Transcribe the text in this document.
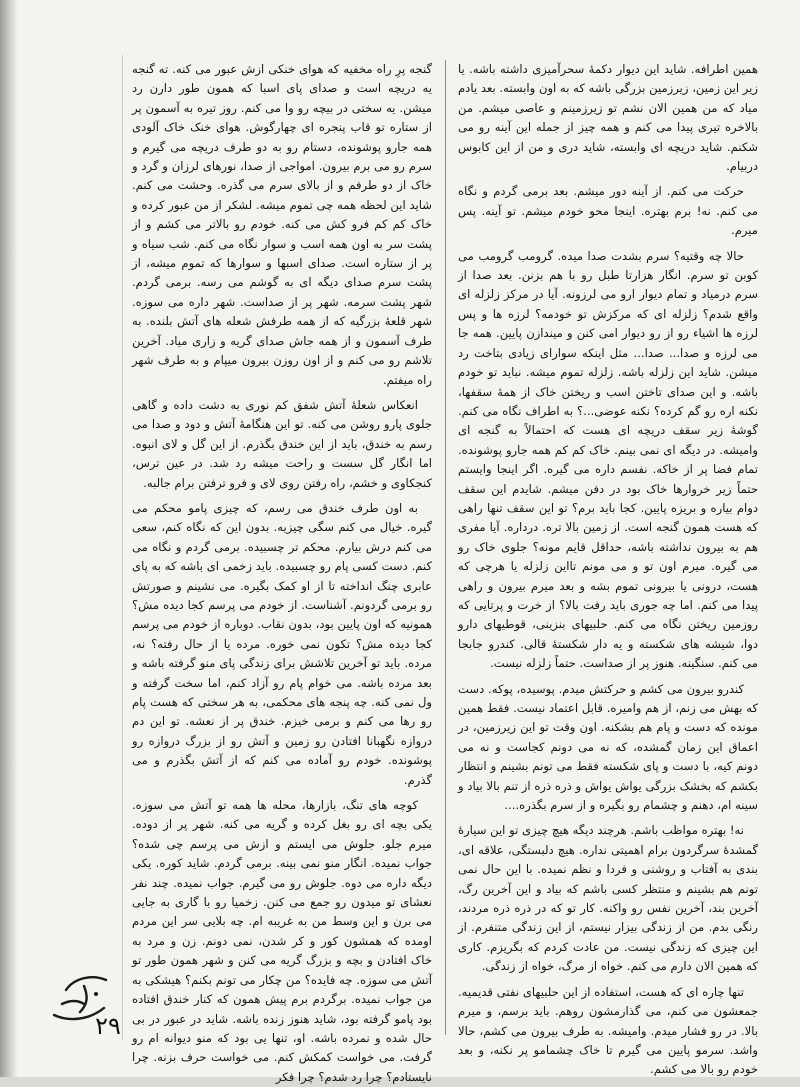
همین اطرافه. شاید این دیوار دکمهٔ سحرآمیزی داشته باشه. یا زیر این زمین، زیرزمین بزرگی باشه که به اون وابسته. بعد یادم میاد که من همین الان نشم تو زیرزمینم و عاصی میشم. من بالاخره تیری پیدا می کنم و همه چیز از جمله این آینه رو می شکنم. شاید دریچه ای وابسته، شاید دری و من از این کابوس دربیام.

حرکت می کنم. از آینه دور میشم. بعد برمی گردم و نگاه می کنم. نه! برم بهتره. اینجا محو خودم میشم. تو آینه. پس میرم.

حالا چه وقتیه؟ سرم بشدت صدا میده. گرومب گرومب می کوبن تو سرم. انگار هزارتا طبل رو با هم بزنن. بعد صدا از سرم درمیاد و تمام دیوار ارو می لرزونه. آیا در مرکز زلزله ای واقع شدم؟ زلزله ای که مرکزش تو خودمه؟ لرزه ها و پس لرزه ها اشیاء رو از رو دیوار امی کنن و میندازن پایین. همه جا می لرزه و صدا... صدا... مثل اینکه سوارای زیادی بتاخت رد میشن. شاید این زلزله باشه. زلزله تموم میشه. نباید تو خودم باشه. و این صدای تاختن اسب و ریختن خاک از همهٔ سقفها، نکنه اره رو گم کرده؟ نکنه عوضی...؟ به اطراف نگاه می کنم. گوشهٔ زیر سقف دریچه ای هست که احتمالاً به گنجه ای وامیشه. در دیگه ای نمی بینم. خاک کم کم همه جارو پوشونده. تمام فضا پر از خاکه. نفسم داره می گیره. اگر اینجا وایستم حتماً زیر خروارها خاک بود در دفن میشم. شایدم این سقف دوام بیاره و بریزه پایین. کجا باید برم؟ تو این سقف تنها راهی که هست همون گنجه است. از زمین بالا تره. درداره. آیا مفری هم به بیرون نداشته باشه، حداقل قایم مونه؟ جلوی خاک رو می گیره. میرم اون تو و می مونم تااین زلزله یا هرچی که هست، درونی یا بیرونی تموم بشه و بعد میرم بیرون و راهی پیدا می کنم. اما چه جوری باید رفت بالا؟ از خرت و پرتایی که روزمین ریختن نگاه می کنم. حلبیهای بنزینی، قوطیهای دارو دوا، شیشه های شکسته و یه دار شکستهٔ قالی. کندرو جابجا می کنم. سنگینه. هنوز پر از صداست. حتماً زلزله نیست.

کندرو بیرون می کشم و حرکتش میدم. پوسیده، پوکه. دست که بهش می زنم، از هم وامیره. قابل اعتماد نیست. فقط همین مونده که دست و پام هم بشکنه. اون وقت تو این زیرزمین، در اعماق این زمان گمشده، که نه می دونم کجاست و نه می دونم کیه، با دست و پای شکسته فقط می تونم بشینم و انتظار بکشم که بخشک بزرگی یواش یواش و ذره ذره از تنم بالا بیاد و سینه ام، دهنم و چشمام رو بگیره و از سرم بگذره....

نه! بهتره مواظب باشم. هرچند دیگه هیچ چیزی تو این سیارهٔ گمشدهٔ سرگردون برام اهمیتی نداره. هیچ دلبستگی، علاقه ای، بندی به آفتاب و روشنی و فردا و نظم نمیده. با این حال نمی تونم هم بشینم و منتظر کسی باشم که بیاد و این آخرین رگ، آخرین بند، آخرین نفس رو واکنه. کار تو که در ذره ذره مردند، رنگی بدم. من از زندگی بیزار نیستم، از این زندگی متنفرم. از این چیزی که زندگی نیست. من عادت کردم که بگریزم. کاری که همین الان دارم می کنم. خواه از مرگ، خواه از زندگی.

تنها چاره ای که هست، استفاده از این حلبیهای نفتی قدیمیه. جمعشون می کنم، می گذارمشون روهم. باید برسم، و میرم بالا. در رو فشار میدم. وامیشه. به طرف بیرون می کشم، حالا واشد. سرمو پایین می گیرم تا خاک چشمامو پر نکنه، و بعد خودم رو بالا می کشم.

گنجه پرِ راه مخفیه که هوای خنکی ازش عبور می کنه. ته گنجه یه دریچه است و صدای پای اسبا که همون طور دارن رد میشن. یه سختی در بیچه رو وا می کنم. روز تیره به آسمون پر از ستاره تو قاب پنجره ای چهارگوش. هوای خنک خاک آلودی همه جارو پوشونده، دستام رو به دو طرف دریچه می گیرم و سرم رو می برم بیرون. امواجی از صدا، نورهای لرزان و گرد و خاک از دو طرفم و از بالای سرم می گذره. وحشت می کنم. شاید این لحظه همه چی تموم میشه. لشکر از من عبور کرده و خاک کم کم فرو کش می کنه. خودم رو بالاتر می کشم و از پشت سر به اون همه اسب و سوار نگاه می کنم. شب سیاه و پر از ستاره است. صدای اسبها و سوارها که تموم میشه، از پشت سرم صدای دیگه ای به گوشم می رسه. برمی گردم. شهر پشت سرمه. شهر پر از صداست. شهر داره می سوزه. شهر قلعهٔ بزرگیه که از همه طرفش شعله های آتش بلنده. به طرف آسمون و از همه جاش صدای گریه و زاری میاد. آخرین تلاشم رو می کنم و از اون روزن بیرون میپام و به طرف شهر راه میفتم.

انعکاس شعلهٔ آتش شفق کم نوری به دشت داده و گاهی جلوی پارو روشن می کنه. تو این هنگامهٔ آتش و دود و صدا می رسم به خندق، باید از این خندق بگذرم. از این گل و لای انبوه. اما انگار گل سست و راحت میشه رد شد. در عین ترس، کنجکاوی و خشم، راه رفتن روی لای و فرو ترفتن برام جالبه.

به اون طرف خندق می رسم، که چیزی پامو محکم می گیره. خیال می کنم سگی چیزیه. بدون این که نگاه کنم، سعی می کنم درش بیارم. محکم تر چسبیده. برمی گردم و نگاه می کنم. دست کسی پام رو چسبیده. باید زخمی ای باشه که به پای عابری چنگ انداخته تا از او کمک بگیره. می نشینم و صورتش رو برمی گردونم. آشناست. از خودم می پرسم کجا دیده مش؟ همونیه که اون پایین بود، بدون نقاب. دوباره از خودم می پرسم کجا دیده مش؟ تکون نمی خوره. مرده یا از حال رفته؟ نه، مرده. باید تو آخرین تلاشش برای زندگی پای منو گرفته باشه و بعد مرده باشه. می خوام پام رو آزاد کنم، اما سخت گرفته و ول نمی کنه. چه پنجه های محکمی، به هر سختی که هست پام رو رها می کنم و برمی خیزم. خندق پر از نعشه. تو این دم دروازه نگهبانا افتادن رو زمین و آتش رو از بزرگ دروازه رو پوشونده. خودم رو آماده می کنم که از آتش بگذرم و می گذرم.

کوچه های تنگ، بازارها، محله ها همه تو آتش می سوزه. یکی بچه ای رو بغل کرده و گریه می کنه. شهر پر از دوده. میرم جلو. جلوش می ایستم و ازش می پرسم چی شده؟ جواب نمیده. انگار منو نمی بینه. برمی گردم. شاید کوره. یکی دیگه داره می دوه. جلوش رو می گیرم. جواب نمیده. چند نفر نعشای تو میدون رو جمع می کنن. زخمیا رو با گاری به جایی می برن و این وسط من به غریبه ام. چه بلایی سر این مردم اومده که همشون کور و کر شدن، نمی دونم. زن و مرد به خاک افتادن و بچه و بزرگ گریه می کنن و شهر همون طور تو آتش می سوزه. چه فایده؟ من چکار می تونم بکنم؟ هیشکی به من جواب نمیده. برگردم برم پیش همون که کنار خندق افتاده بود پامو گرفته بود، شاید هنوز زنده باشه. شاید در عبور در بی حال شده و نمرده باشه. او، تنها یی بود که منو دیوانه ام رو گرفت. می خواست کمکش کنم. می خواست حرف بزنه. چرا نایستادم؟ چرا رد شدم؟ چرا فکر

۲۹
